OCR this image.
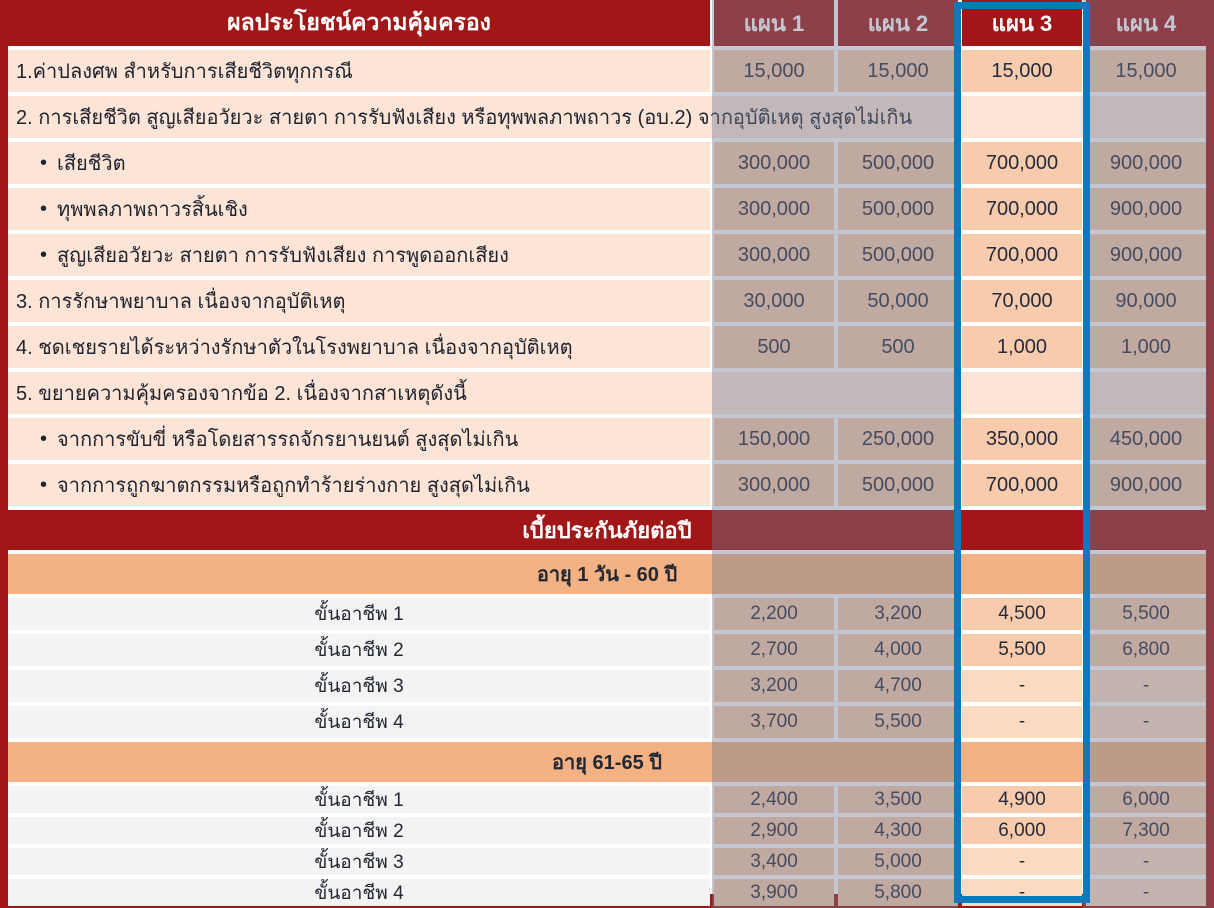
ผลประโยชน์ความคุ้มครอง	แผน 1	แผน 2	แผน 3	แผน 4
1.ค่าปลงศพ สำหรับการเสียชีวิตทุกกรณี	15,000	15,000	15,000	15,000
2. การเสียชีวิต สูญเสียอวัยวะ สายตา การรับฟังเสียง หรือทุพพลภาพถาวร (อบ.2) จากอุบัติเหตุ สูงสุดไม่เกิน
• เสียชีวิต	300,000	500,000	700,000	900,000
• ทุพพลภาพถาวรสิ้นเชิง	300,000	500,000	700,000	900,000
• สูญเสียอวัยวะ สายตา การรับฟังเสียง การพูดออกเสียง	300,000	500,000	700,000	900,000
3. การรักษาพยาบาล เนื่องจากอุบัติเหตุ	30,000	50,000	70,000	90,000
4. ชดเชยรายได้ระหว่างรักษาตัวในโรงพยาบาล เนื่องจากอุบัติเหตุ	500	500	1,000	1,000
5. ขยายความคุ้มครองจากข้อ 2. เนื่องจากสาเหตุดังนี้
• จากการขับขี่ หรือโดยสารรถจักรยานยนต์ สูงสุดไม่เกิน	150,000	250,000	350,000	450,000
• จากการถูกฆาตกรรมหรือถูกทำร้ายร่างกาย สูงสุดไม่เกิน	300,000	500,000	700,000	900,000
เบี้ยประกันภัยต่อปี
อายุ 1 วัน - 60 ปี
ขั้นอาชีพ 1	2,200	3,200	4,500	5,500
ขั้นอาชีพ 2	2,700	4,000	5,500	6,800
ขั้นอาชีพ 3	3,200	4,700	-	-
ขั้นอาชีพ 4	3,700	5,500	-	-
อายุ 61-65 ปี
ขั้นอาชีพ 1	2,400	3,500	4,900	6,000
ขั้นอาชีพ 2	2,900	4,300	6,000	7,300
ขั้นอาชีพ 3	3,400	5,000	-	-
ขั้นอาชีพ 4	3,900	5,800	-	-
